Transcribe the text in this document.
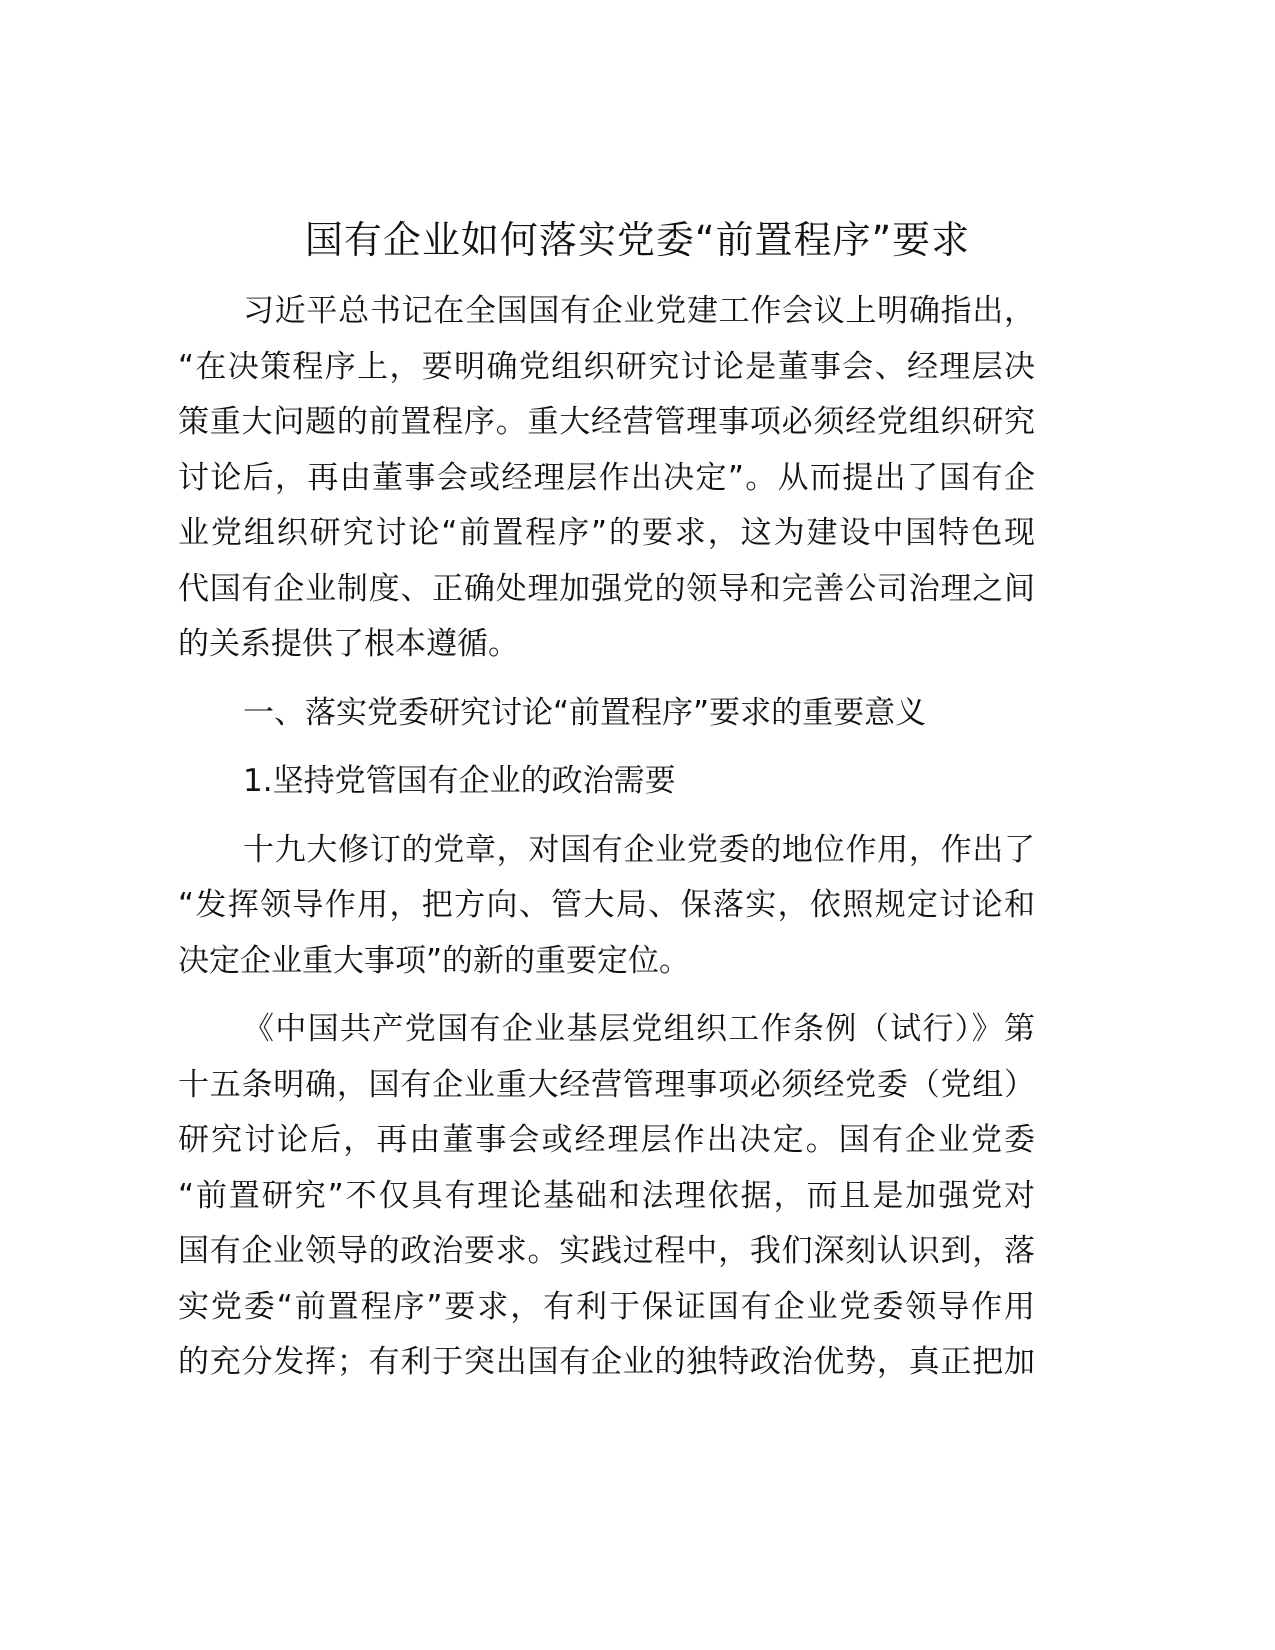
国有企业如何落实党委“前置程序”要求
习近平总书记在全国国有企业党建工作会议上明确指出，
“在决策程序上，要明确党组织研究讨论是董事会、经理层决
策重大问题的前置程序。重大经营管理事项必须经党组织研究
讨论后，再由董事会或经理层作出决定”。从而提出了国有企
业党组织研究讨论“前置程序”的要求，这为建设中国特色现
代国有企业制度、正确处理加强党的领导和完善公司治理之间
的关系提供了根本遵循。
一、落实党委研究讨论“前置程序”要求的重要意义
1.坚持党管国有企业的政治需要
十九大修订的党章，对国有企业党委的地位作用，作出了
“发挥领导作用，把方向、管大局、保落实，依照规定讨论和
决定企业重大事项”的新的重要定位。
《中国共产党国有企业基层党组织工作条例（试行）》第
十五条明确，国有企业重大经营管理事项必须经党委（党组）
研究讨论后，再由董事会或经理层作出决定。国有企业党委
“前置研究”不仅具有理论基础和法理依据，而且是加强党对
国有企业领导的政治要求。实践过程中，我们深刻认识到，落
实党委“前置程序”要求，有利于保证国有企业党委领导作用
的充分发挥；有利于突出国有企业的独特政治优势，真正把加
